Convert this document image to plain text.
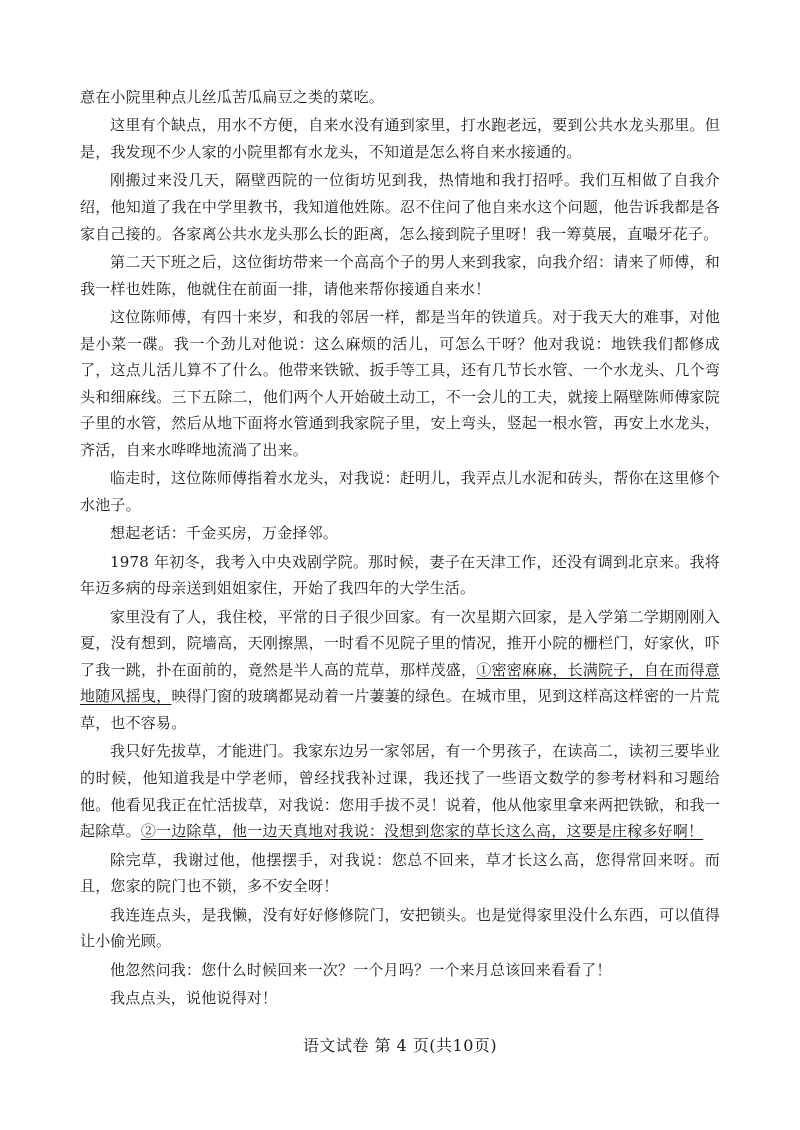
意在小院里种点儿丝瓜苦瓜扁豆之类的菜吃。

这里有个缺点，用水不方便，自来水没有通到家里，打水跑老远，要到公共水龙头那里。但是，我发现不少人家的小院里都有水龙头，不知道是怎么将自来水接通的。

刚搬过来没几天，隔壁西院的一位街坊见到我，热情地和我打招呼。我们互相做了自我介绍，他知道了我在中学里教书，我知道他姓陈。忍不住问了他自来水这个问题，他告诉我都是各家自己接的。各家离公共水龙头那么长的距离，怎么接到院子里呀！我一筹莫展，直嘬牙花子。

第二天下班之后，这位街坊带来一个高高个子的男人来到我家，向我介绍：请来了师傅，和我一样也姓陈，他就住在前面一排，请他来帮你接通自来水！

这位陈师傅，有四十来岁，和我的邻居一样，都是当年的铁道兵。对于我天大的难事，对他是小菜一碟。我一个劲儿对他说：这么麻烦的活儿，可怎么干呀？他对我说：地铁我们都修成了，这点儿活儿算不了什么。他带来铁锨、扳手等工具，还有几节长水管、一个水龙头、几个弯头和细麻线。三下五除二，他们两个人开始破土动工，不一会儿的工夫，就接上隔壁陈师傅家院子里的水管，然后从地下面将水管通到我家院子里，安上弯头，竖起一根水管，再安上水龙头，齐活，自来水哗哗地流淌了出来。

临走时，这位陈师傅指着水龙头，对我说：赶明儿，我弄点儿水泥和砖头，帮你在这里修个水池子。

想起老话：千金买房，万金择邻。

1978 年初冬，我考入中央戏剧学院。那时候，妻子在天津工作，还没有调到北京来。我将年迈多病的母亲送到姐姐家住，开始了我四年的大学生活。

家里没有了人，我住校，平常的日子很少回家。有一次星期六回家，是入学第二学期刚刚入夏，没有想到，院墙高，天刚擦黑，一时看不见院子里的情况，推开小院的栅栏门，好家伙，吓了我一跳，扑在面前的，竟然是半人高的荒草，那样茂盛，①密密麻麻，长满院子，自在而得意地随风摇曳，映得门窗的玻璃都晃动着一片萋萋的绿色。在城市里，见到这样高这样密的一片荒草，也不容易。

我只好先拔草，才能进门。我家东边另一家邻居，有一个男孩子，在读高二，读初三要毕业的时候，他知道我是中学老师，曾经找我补过课，我还找了一些语文数学的参考材料和习题给他。他看见我正在忙活拔草，对我说：您用手拔不灵！说着，他从他家里拿来两把铁锨，和我一起除草。②一边除草，他一边天真地对我说：没想到您家的草长这么高，这要是庄稼多好啊！

除完草，我谢过他，他摆摆手，对我说：您总不回来，草才长这么高，您得常回来呀。而且，您家的院门也不锁，多不安全呀！

我连连点头，是我懒，没有好好修修院门，安把锁头。也是觉得家里没什么东西，可以值得让小偷光顾。

他忽然问我：您什么时候回来一次？一个月吗？一个来月总该回来看看了！

我点点头，说他说得对！

语文试卷 第 4 页(共10页)
